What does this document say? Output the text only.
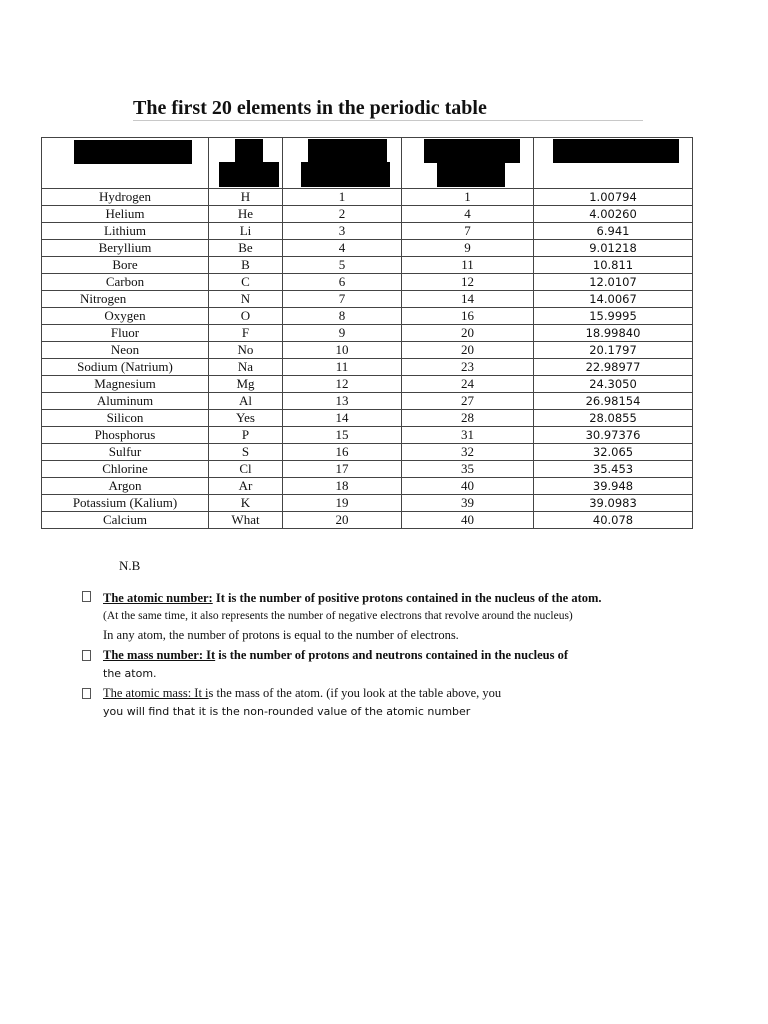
The first 20 elements in the periodic table

Hydrogen	H	1	1	1.00794
Helium	He	2	4	4.00260
Lithium	Li	3	7	6.941
Beryllium	Be	4	9	9.01218
Bore	B	5	11	10.811
Carbon	C	6	12	12.0107
Nitrogen	N	7	14	14.0067
Oxygen	O	8	16	15.9995
Fluor	F	9	20	18.99840
Neon	No	10	20	20.1797
Sodium (Natrium)	Na	11	23	22.98977
Magnesium	Mg	12	24	24.3050
Aluminum	Al	13	27	26.98154
Silicon	Yes	14	28	28.0855
Phosphorus	P	15	31	30.97376
Sulfur	S	16	32	32.065
Chlorine	Cl	17	35	35.453
Argon	Ar	18	40	39.948
Potassium (Kalium)	K	19	39	39.0983
Calcium	What	20	40	40.078
N.B
The atomic number: It is the number of positive protons contained in the nucleus of the atom.
(At the same time, it also represents the number of negative electrons that revolve around the nucleus)
In any atom, the number of protons is equal to the number of electrons.
The mass number: It is the number of protons and neutrons contained in the nucleus of
the atom.
The atomic mass: It is the mass of the atom. (if you look at the table above, you
you will find that it is the non-rounded value of the atomic number
